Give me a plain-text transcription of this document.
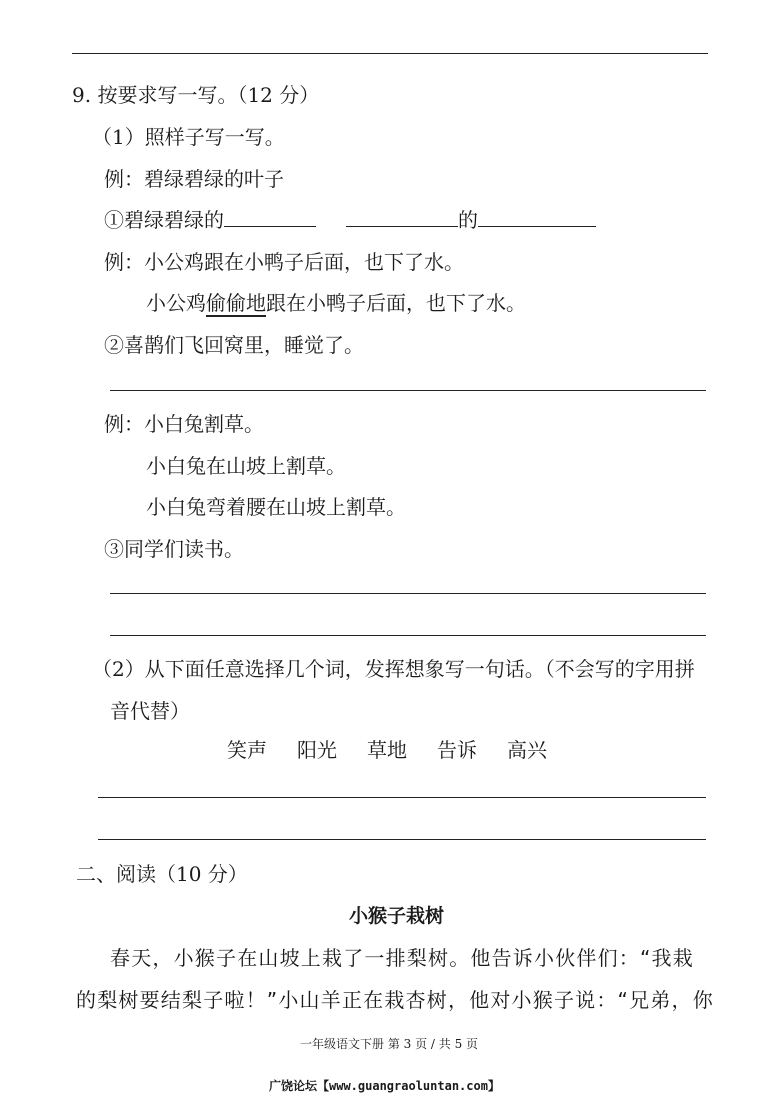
9. 按要求写一写。（12 分）
（1）照样子写一写。
例：碧绿碧绿的叶子
①碧绿碧绿的	的
例：小公鸡跟在小鸭子后面，也下了水。
小公鸡偷偷地跟在小鸭子后面，也下了水。
②喜鹊们飞回窝里，睡觉了。
例：小白兔割草。
小白兔在山坡上割草。
小白兔弯着腰在山坡上割草。
③同学们读书。
（2）从下面任意选择几个词，发挥想象写一句话。（不会写的字用拼
音代替）
笑声 阳光 草地 告诉 高兴
二、阅读（10 分）
小猴子栽树
春天，小猴子在山坡上栽了一排梨树。他告诉小伙伴们：“我栽
的梨树要结梨子啦！”小山羊正在栽杏树，他对小猴子说：“兄弟，你
一年级语文下册 第 3 页 / 共 5 页
广饶论坛【www.guangraoluntan.com】
